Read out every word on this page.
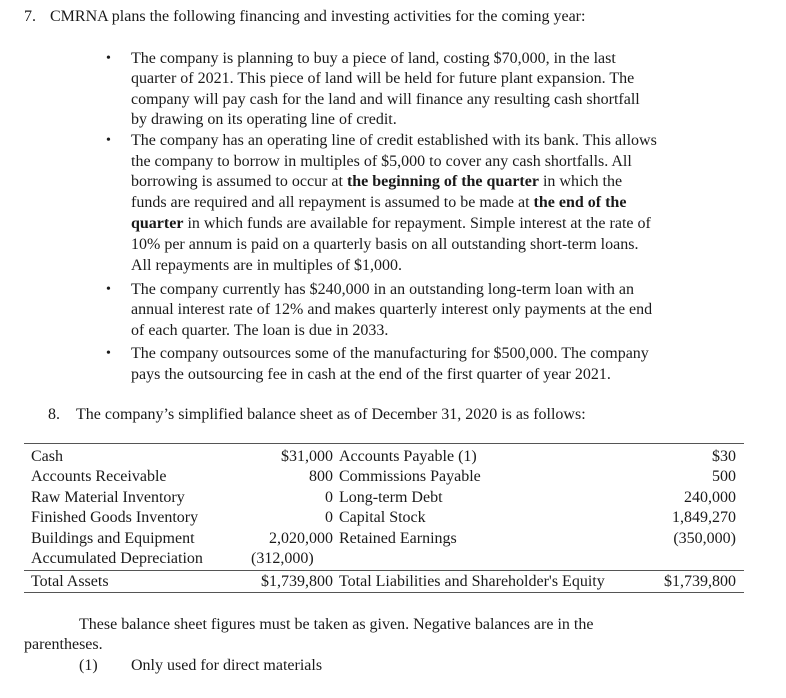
7. CMRNA plans the following financing and investing activities for the coming year:
• The company is planning to buy a piece of land, costing $70,000, in the last
quarter of 2021. This piece of land will be held for future plant expansion. The
company will pay cash for the land and will finance any resulting cash shortfall
by drawing on its operating line of credit.
• The company has an operating line of credit established with its bank. This allows
the company to borrow in multiples of $5,000 to cover any cash shortfalls. All
borrowing is assumed to occur at the beginning of the quarter in which the
funds are required and all repayment is assumed to be made at the end of the
quarter in which funds are available for repayment. Simple interest at the rate of
10% per annum is paid on a quarterly basis on all outstanding short-term loans.
All repayments are in multiples of $1,000.
• The company currently has $240,000 in an outstanding long-term loan with an
annual interest rate of 12% and makes quarterly interest only payments at the end
of each quarter. The loan is due in 2033.
• The company outsources some of the manufacturing for $500,000. The company
pays the outsourcing fee in cash at the end of the first quarter of year 2021.
8. The company’s simplified balance sheet as of December 31, 2020 is as follows:
Cash
Accounts Receivable
Raw Material Inventory
Finished Goods Inventory
Buildings and Equipment
Accumulated Depreciation
$31,000
800
0
0
2,020,000
(312,000)
Accounts Payable (1)
Commissions Payable
Long-term Debt
Capital Stock
Retained Earnings
$30
500
240,000
1,849,270
(350,000)
Total Assets	$1,739,800 Total Liabilities and Shareholder's Equity	$1,739,800
These balance sheet figures must be taken as given. Negative balances are in the
parentheses.
(1) Only used for direct materials
